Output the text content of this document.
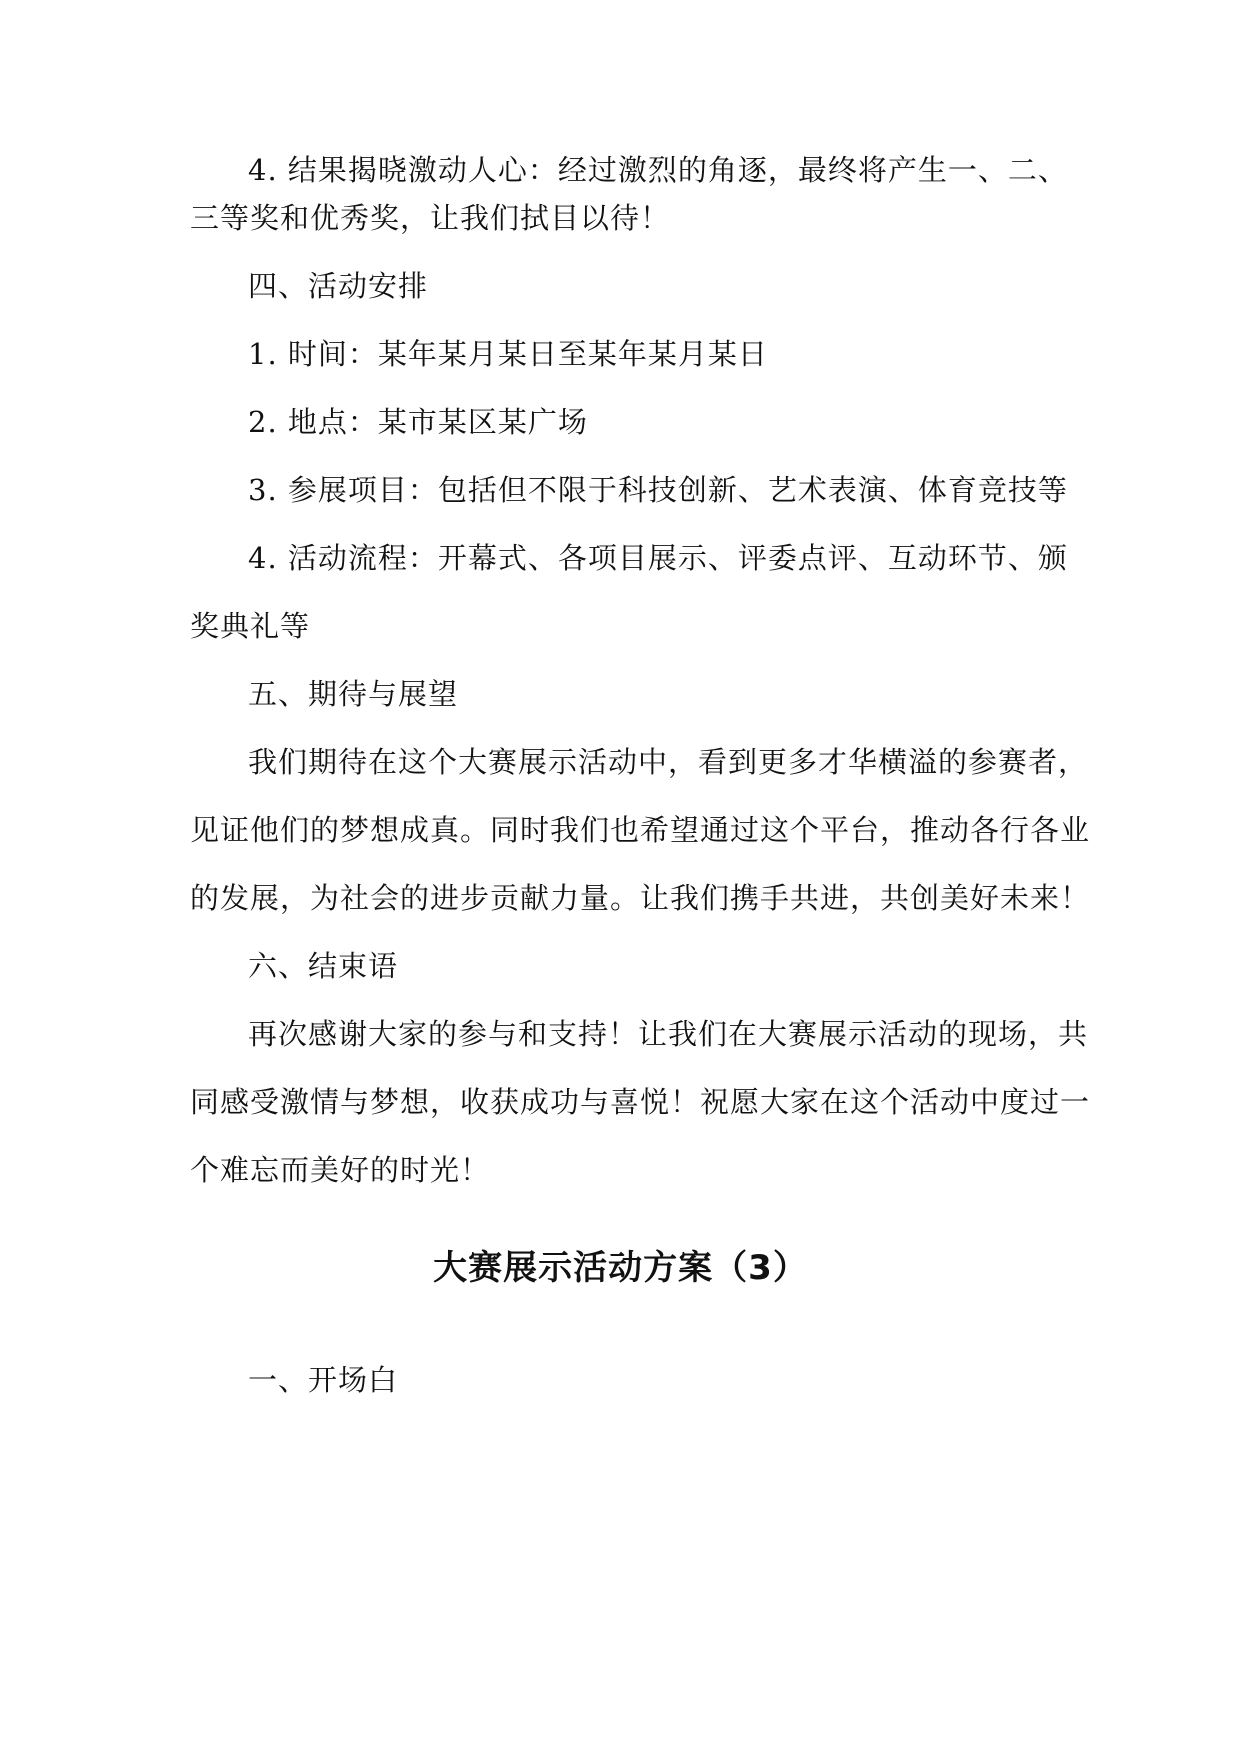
4. 结果揭晓激动人心：经过激烈的角逐，最终将产生一、二、
三等奖和优秀奖，让我们拭目以待！
四、活动安排
1. 时间：某年某月某日至某年某月某日
2. 地点：某市某区某广场
3. 参展项目：包括但不限于科技创新、艺术表演、体育竞技等
4. 活动流程：开幕式、各项目展示、评委点评、互动环节、颁
奖典礼等
五、期待与展望
我们期待在这个大赛展示活动中，看到更多才华横溢的参赛者，
见证他们的梦想成真。同时我们也希望通过这个平台，推动各行各业
的发展，为社会的进步贡献力量。让我们携手共进，共创美好未来！
六、结束语
再次感谢大家的参与和支持！让我们在大赛展示活动的现场，共
同感受激情与梦想，收获成功与喜悦！祝愿大家在这个活动中度过一
个难忘而美好的时光！
大赛展示活动方案（3）
一、开场白
